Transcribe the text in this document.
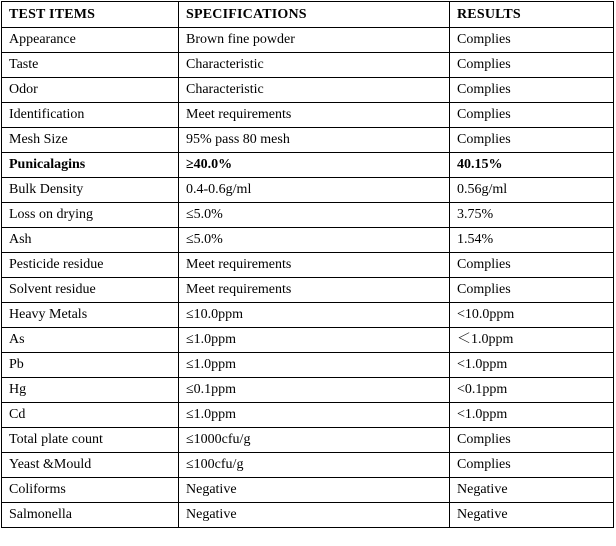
TEST ITEMS	SPECIFICATIONS	RESULTS
Appearance	Brown fine powder	Complies
Taste	Characteristic	Complies
Odor	Characteristic	Complies
Identification	Meet requirements	Complies
Mesh Size	95% pass 80 mesh	Complies
Punicalagins	≥40.0%	40.15%
Bulk Density	0.4-0.6g/ml	0.56g/ml
Loss on drying	≤5.0%	3.75%
Ash	≤5.0%	1.54%
Pesticide residue	Meet requirements	Complies
Solvent residue	Meet requirements	Complies
Heavy Metals	≤10.0ppm	<10.0ppm
As	≤1.0ppm	＜1.0ppm
Pb	≤1.0ppm	<1.0ppm
Hg	≤0.1ppm	<0.1ppm
Cd	≤1.0ppm	<1.0ppm
Total plate count	≤1000cfu/g	Complies
Yeast &Mould	≤100cfu/g	Complies
Coliforms	Negative	Negative
Salmonella	Negative	Negative
